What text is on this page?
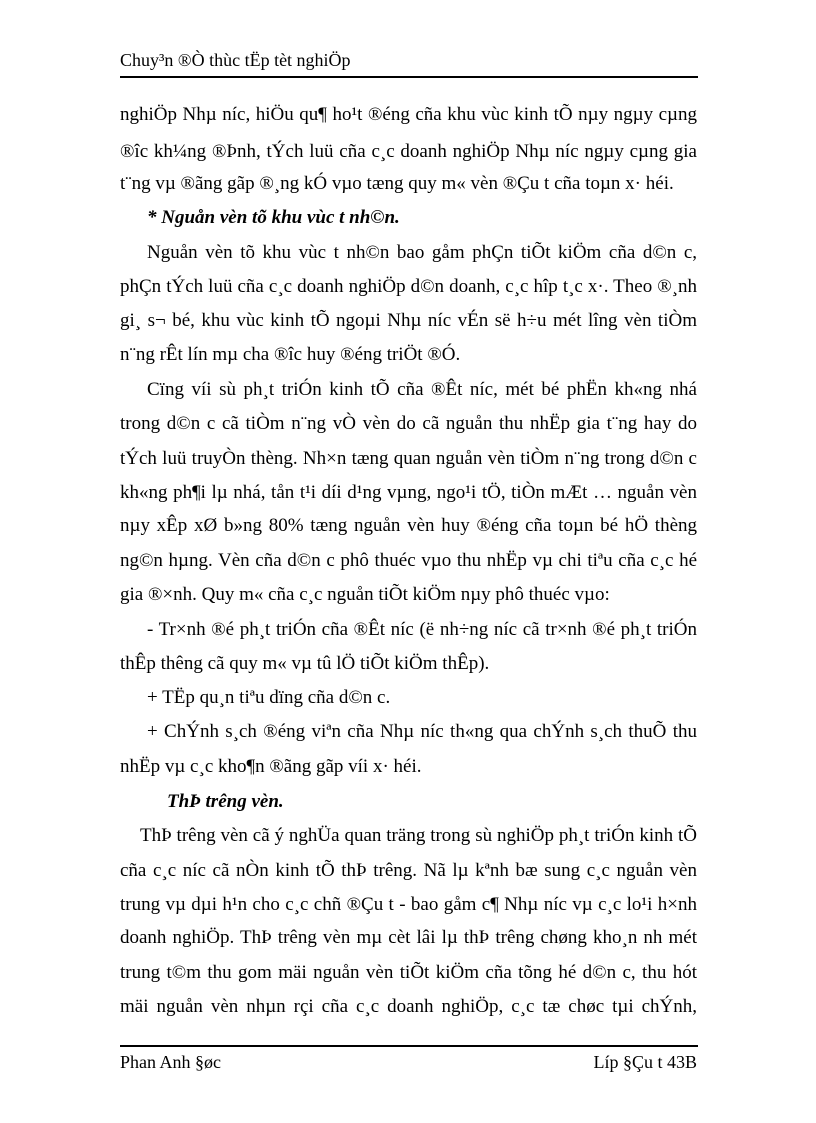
Chuy³n ®Ò thùc tËp tèt nghiÖp
nghiÖp Nhµ níc, hiÖu qu¶ ho¹t ®éng cña khu vùc kinh tÕ nµy ngµy cµng
®îc kh¼ng ®Þnh, tÝch luü cña c¸c doanh nghiÖp Nhµ níc ngµy cµng gia
t¨ng vµ ®ãng gãp ®¸ng kÓ vµo tæng quy m« vèn ®Çu t cña toµn x· héi.
* Nguån vèn tõ khu vùc t nh©n.
Nguån vèn tõ khu vùc t nh©n bao gåm phÇn tiÕt kiÖm cña d©n c,
phÇn tÝch luü cña c¸c doanh nghiÖp d©n doanh, c¸c hîp t¸c x·. Theo ®¸nh
gi¸ s¬ bé, khu vùc kinh tÕ ngoµi Nhµ níc vÉn së h÷u mét lîng vèn tiÒm
n¨ng rÊt lín mµ cha ®îc huy ®éng triÖt ®Ó.
Cïng víi sù ph¸t triÓn kinh tÕ cña ®Êt níc, mét bé phËn kh«ng nhá
trong d©n c cã tiÒm n¨ng vÒ vèn do cã nguån thu nhËp gia t¨ng hay do
tÝch luü truyÒn thèng. Nh×n tæng quan nguån vèn tiÒm n¨ng trong d©n c
kh«ng ph¶i lµ nhá, tån t¹i díi d¹ng vµng, ngo¹i tÖ, tiÒn mÆt … nguån vèn
nµy xÊp xØ b»ng 80% tæng nguån vèn huy ®éng cña toµn bé hÖ thèng
ng©n hµng. Vèn cña d©n c phô thuéc vµo thu nhËp vµ chi tiªu cña c¸c hé
gia ®×nh. Quy m« cña c¸c nguån tiÕt kiÖm nµy phô thuéc vµo:
- Tr×nh ®é ph¸t triÓn cña ®Êt níc (ë nh÷ng níc cã tr×nh ®é ph¸t triÓn
thÊp thêng cã quy m« vµ tû lÖ tiÕt kiÖm thÊp).
+ TËp qu¸n tiªu dïng cña d©n c.
+ ChÝnh s¸ch ®éng viªn cña Nhµ níc th«ng qua chÝnh s¸ch thuÕ thu
nhËp vµ c¸c kho¶n ®ãng gãp víi x· héi.
ThÞ trêng vèn.
ThÞ trêng vèn cã ý nghÜa quan träng trong sù nghiÖp ph¸t triÓn kinh tÕ
cña c¸c níc cã nÒn kinh tÕ thÞ trêng. Nã lµ kªnh bæ sung c¸c nguån vèn
trung vµ dµi h¹n cho c¸c chñ ®Çu t - bao gåm c¶ Nhµ níc vµ c¸c lo¹i h×nh
doanh nghiÖp. ThÞ trêng vèn mµ cèt lâi lµ thÞ trêng chøng kho¸n nh mét
trung t©m thu gom mäi nguån vèn tiÕt kiÖm cña tõng hé d©n c, thu hót
mäi nguån vèn nhµn rçi cña c¸c doanh nghiÖp, c¸c tæ chøc tµi chÝnh,
Phan Anh §øc	Líp §Çu t 43B
